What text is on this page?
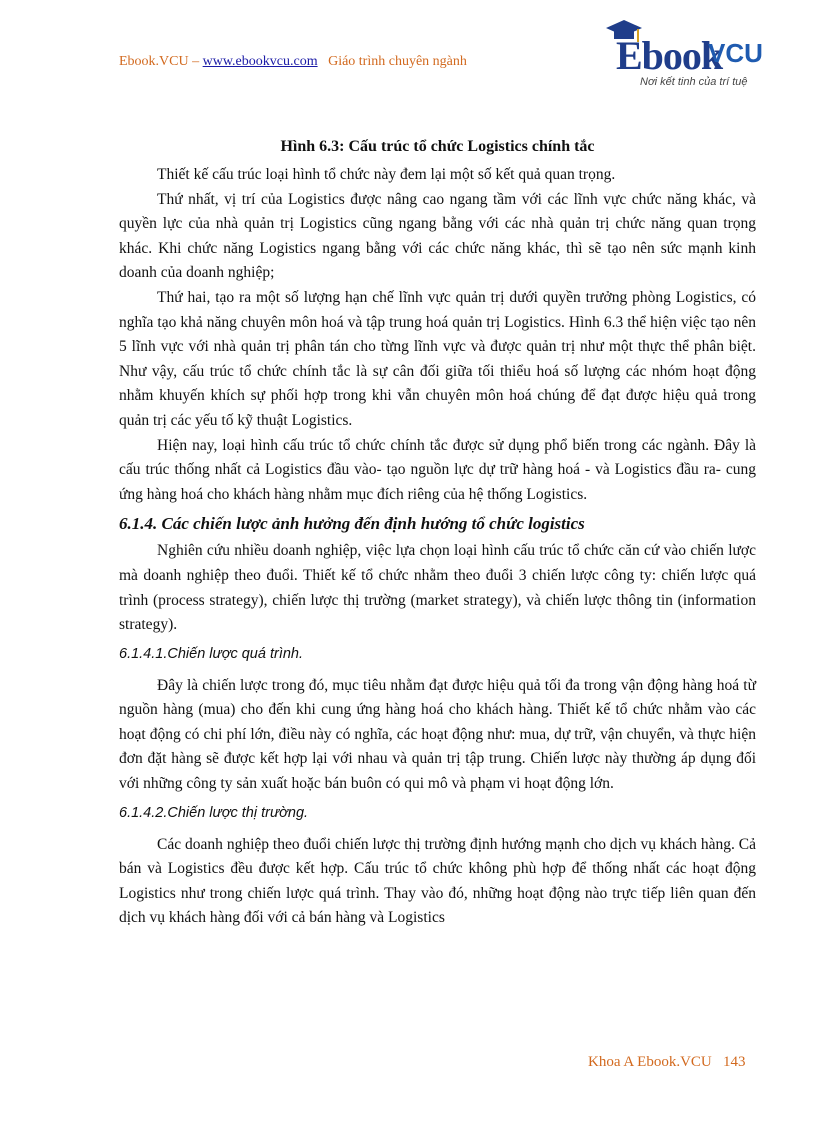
Ebook.VCU – www.ebookvcu.com Giáo trình chuyên ngành	Ebook
VCU
Nơi kết tinh của trí tuệ
Hình 6.3: Cấu trúc tổ chức Logistics chính tắc

Thiết kế cấu trúc loại hình tổ chức này đem lại một số kết quả quan trọng.

Thứ nhất, vị trí của Logistics được nâng cao ngang tầm với các lĩnh vực chức năng khác, và quyền lực của nhà quản trị Logistics cũng ngang bằng với các nhà quản trị chức năng quan trọng khác. Khi chức năng Logistics ngang bằng với các chức năng khác, thì sẽ tạo nên sức mạnh kinh doanh của doanh nghiệp;

Thứ hai, tạo ra một số lượng hạn chế lĩnh vực quản trị dưới quyền trưởng phòng Logistics, có nghĩa tạo khả năng chuyên môn hoá và tập trung hoá quản trị Logistics. Hình 6.3 thể hiện việc tạo nên 5 lĩnh vực với nhà quản trị phân tán cho từng lĩnh vực và được quản trị như một thực thể phân biệt. Như vậy, cấu trúc tổ chức chính tắc là sự cân đối giữa tối thiểu hoá số lượng các nhóm hoạt động nhằm khuyến khích sự phối hợp trong khi vẫn chuyên môn hoá chúng để đạt được hiệu quả trong quản trị các yếu tố kỹ thuật Logistics.

Hiện nay, loại hình cấu trúc tổ chức chính tắc được sử dụng phổ biến trong các ngành. Đây là cấu trúc thống nhất cả Logistics đầu vào- tạo nguồn lực dự trữ hàng hoá - và Logistics đầu ra- cung ứng hàng hoá cho khách hàng nhằm mục đích riêng của hệ thống Logistics.

6.1.4. Các chiến lược ảnh hưởng đến định hướng tổ chức logistics

Nghiên cứu nhiều doanh nghiệp, việc lựa chọn loại hình cấu trúc tổ chức căn cứ vào chiến lược mà doanh nghiệp theo đuổi. Thiết kế tổ chức nhằm theo đuổi 3 chiến lược công ty: chiến lược quá trình (process strategy), chiến lược thị trường (market strategy), và chiến lược thông tin (information strategy).

6.1.4.1.Chiến lược quá trình.

Đây là chiến lược trong đó, mục tiêu nhằm đạt được hiệu quả tối đa trong vận động hàng hoá từ nguồn hàng (mua) cho đến khi cung ứng hàng hoá cho khách hàng. Thiết kế tổ chức nhằm vào các hoạt động có chi phí lớn, điều này có nghĩa, các hoạt động như: mua, dự trữ, vận chuyển, và thực hiện đơn đặt hàng sẽ được kết hợp lại với nhau và quản trị tập trung. Chiến lược này thường áp dụng đối với những công ty sản xuất hoặc bán buôn có qui mô và phạm vi hoạt động lớn.

6.1.4.2.Chiến lược thị trường.

Các doanh nghiệp theo đuổi chiến lược thị trường định hướng mạnh cho dịch vụ khách hàng. Cả bán và Logistics đều được kết hợp. Cấu trúc tổ chức không phù hợp để thống nhất các hoạt động Logistics như trong chiến lược quá trình. Thay vào đó, những hoạt động nào trực tiếp liên quan đến dịch vụ khách hàng đối với cả bán hàng và Logistics

Khoa A Ebook.VCU 143
